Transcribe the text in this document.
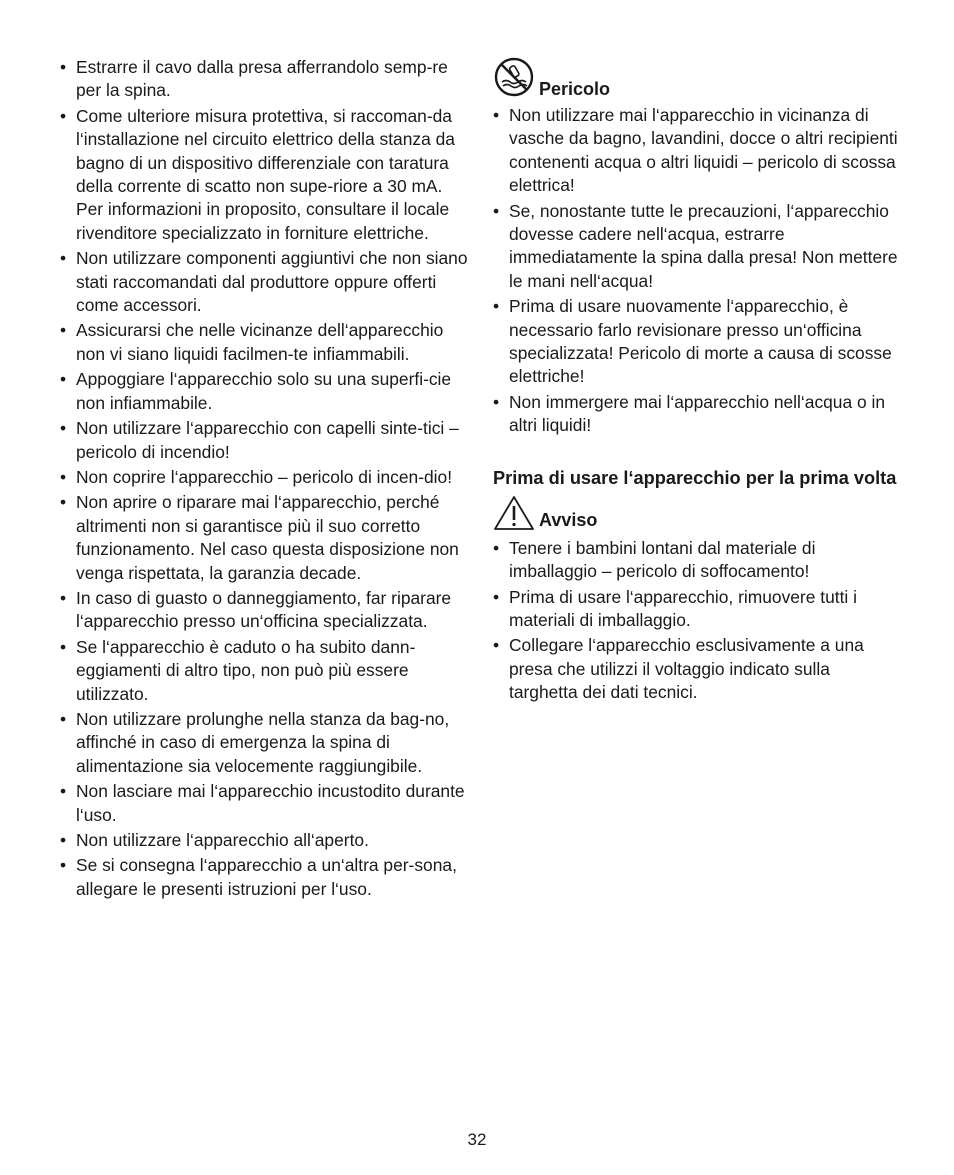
• Estrarre il cavo dalla presa afferrandolo semp-re per la spina.
• Come ulteriore misura protettiva, si raccoman-da l‘installazione nel circuito elettrico della stanza da bagno di un dispositivo differenziale con taratura della corrente di scatto non supe-riore a 30 mA. Per informazioni in proposito, consultare il locale rivenditore specializzato in forniture elettriche.
• Non utilizzare componenti aggiuntivi che non siano stati raccomandati dal produttore oppure offerti come accessori.
• Assicurarsi che nelle vicinanze dell‘apparecchio non vi siano liquidi facilmen-te infiammabili.
• Appoggiare l‘apparecchio solo su una superfi-cie non infiammabile.
• Non utilizzare l‘apparecchio con capelli sinte-tici – pericolo di incendio!
• Non coprire l‘apparecchio – pericolo di incen-dio!
• Non aprire o riparare mai l‘apparecchio, perché altrimenti non si garantisce più il suo corretto funzionamento. Nel caso questa disposizione non venga rispettata, la garanzia decade.
• In caso di guasto o danneggiamento, far riparare l‘apparecchio presso un‘officina specializzata.
• Se l‘apparecchio è caduto o ha subito dann-eggiamenti di altro tipo, non può più essere utilizzato.
• Non utilizzare prolunghe nella stanza da bag-no, affinché in caso di emergenza la spina di alimentazione sia velocemente raggiungibile.
• Non lasciare mai l‘apparecchio incustodito durante l‘uso.
• Non utilizzare l‘apparecchio all‘aperto.
• Se si consegna l‘apparecchio a un‘altra per-sona, allegare le presenti istruzioni per l‘uso.
Pericolo
• Non utilizzare mai l‘apparecchio in vicinanza di vasche da bagno, lavandini, docce o altri recipienti contenenti acqua o altri liquidi – pericolo di scossa elettrica!
• Se, nonostante tutte le precauzioni, l‘apparecchio dovesse cadere nell‘acqua, estrarre immediatamente la spina dalla presa! Non mettere le mani nell‘acqua!
• Prima di usare nuovamente l‘apparecchio, è necessario farlo revisionare presso un‘officina specializzata! Pericolo di morte a causa di scosse elettriche!
• Non immergere mai l‘apparecchio nell‘acqua o in altri liquidi!
Prima di usare l‘apparecchio per la prima volta
Avviso
• Tenere i bambini lontani dal materiale di imballaggio – pericolo di soffocamento!
• Prima di usare l‘apparecchio, rimuovere tutti i materiali di imballaggio.
• Collegare l‘apparecchio esclusivamente a una presa che utilizzi il voltaggio indicato sulla targhetta dei dati tecnici.
32
